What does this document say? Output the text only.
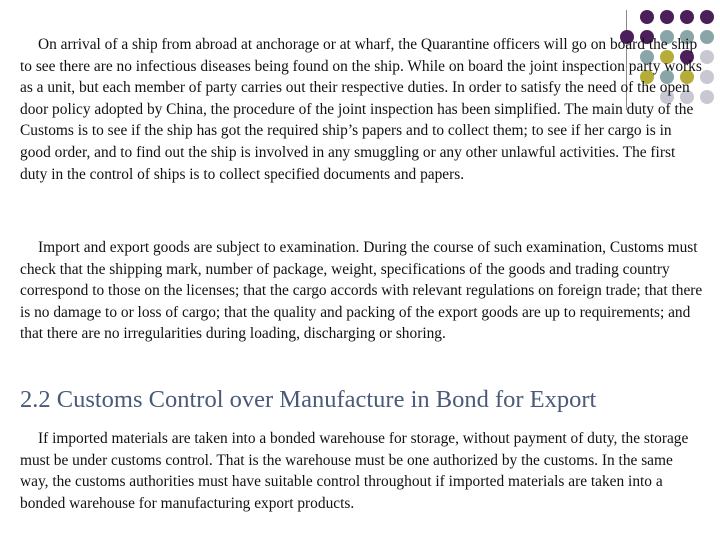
On arrival of a ship from abroad at anchorage or at wharf, the Quarantine officers will go on board the ship to see there are no infectious diseases being found on the ship. While on board the joint inspection party works as a unit, but each member of party carries out their respective duties. In order to satisfy the need of the open door policy adopted by China, the procedure of the joint inspection has been simplified. The main duty of the Customs is to see if the ship has got the required ship’s papers and to collect them; to see if her cargo is in good order, and to find out the ship is involved in any smuggling or any other unlawful activities. The first duty in the control of ships is to collect specified documents and papers.

Import and export goods are subject to examination. During the course of such examination, Customs must check that the shipping mark, number of package, weight, specifications of the goods and trading country correspond to those on the licenses; that the cargo accords with relevant regulations on foreign trade; that there is no damage to or loss of cargo; that the quality and packing of the export goods are up to requirements; and that there are no irregularities during loading, discharging or shoring.

2.2 Customs Control over Manufacture in Bond for Export

If imported materials are taken into a bonded warehouse for storage, without payment of duty, the storage must be under customs control. That is the warehouse must be one authorized by the customs. In the same way, the customs authorities must have suitable control throughout if imported materials are taken into a bonded warehouse for manufacturing export products.
